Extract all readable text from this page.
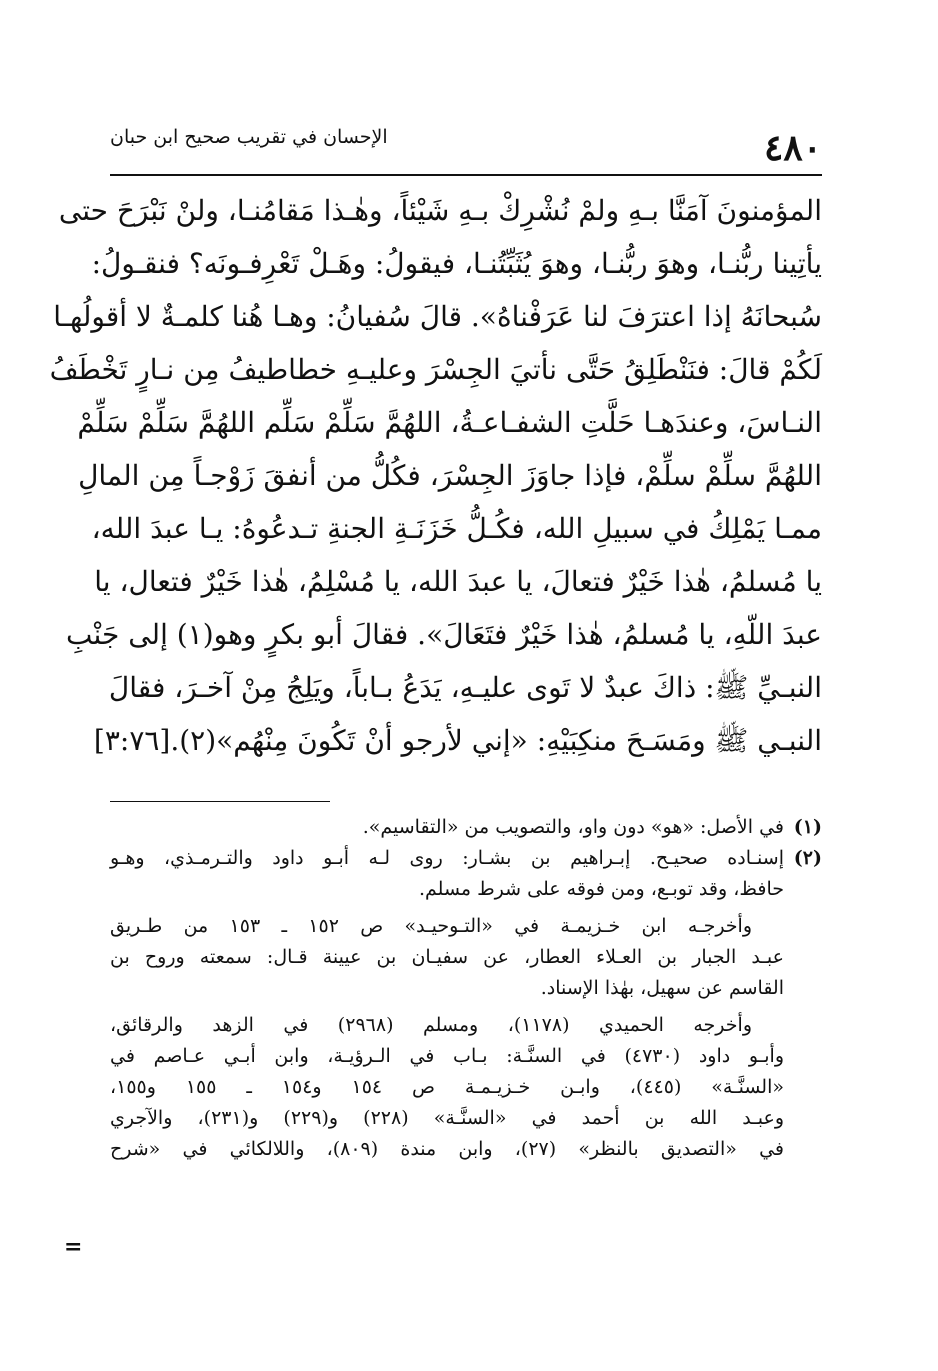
٤٨٠
الإحسان في تقريب صحيح ابن حبان
المؤمنونَ آمَنَّا بـهِ ولمْ نُشْرِكْ بـهِ شَيْئاً، وهٰـذا مَقامُنـا، ولنْ نَبْرَحَ حتى
يأتِينا ربُّنـا، وهوَ ربُّنـا، وهوَ يُثَبِّتُنـا، فيقولُ: وهَـلْ تَعْرِفـونَه؟ فنقـولُ:
سُبحانَهُ إذا اعترَفَ لنا عَرَفْناهُ». قالَ سُفيانُ: وهـا هُنا كلمـةٌ لا أقولُهـا
لَكُمْ قالَ: فنَنْطَلِقُ حَتَّى نأتيَ الجِسْرَ وعليـهِ خطاطيفُ مِن نـارٍ تَخْطَفُ
النـاسَ، وعندَهـا حَلَّتِ الشفـاعـةُ، اللهُمَّ سَلِّمْ سَلِّم اللهُمَّ سَلِّمْ سَلِّمْ
اللهُمَّ سلِّمْ سلِّمْ، فإذا جاوَزَ الجِسْرَ، فكُلُّ من أنفقَ زَوْجـاً مِن المالِ
ممـا يَمْلِكُ في سبيلِ الله، فكُـلُّ خَزَنَـةِ الجنةِ تـدعُوهُ: يـا عبدَ الله،
يا مُسلمُ، هٰذا خَيْرٌ فتعالَ، يا عبدَ الله، يا مُسْلِمُ، هٰذا خَيْرٌ فتعال، يا
عبدَ اللّهِ، يا مُسلمُ، هٰذا خَيْرٌ فتَعَالَ». فقالَ أبو بكرٍ وهو(١) إلى جَنْبِ
النبـيِّ ﷺ: ذاكَ عبدٌ لا تَوى عليـهِ، يَدَعُ بـاباً، ويَلِجُ مِنْ آخـرَ، فقالَ
النبـي ﷺ ومَسَـحَ منكِبَيْهِ: «إني لأرجو أنْ تَكُونَ مِنْهُم»(٢).
[٣:٧٦]
(١)
في الأصل: «هو» دون واو، والتصويب من «التقاسيم».
(٢)
إسنـاده صحيـح. إبـراهيم بن بشـار: روى لـه أبـو داود والتـرمـذي، وهـو
حافظ، وقد توبـع، ومن فوقه على شرط مسلم.
وأخرجـه ابن خـزيمـة في «التـوحيـد» ص ١٥٢ ـ ١٥٣ من طـريق
عبـد الجبار بن العـلاء العطار، عن سفيـان بن عيينة قـال: سمعته وروح بن
القاسم عن سهيل، بهٰذا الإسناد.
وأخرجه الحميدي (١١٧٨)، ومسلم (٢٩٦٨) في الزهد والرقائق،
وأبـو داود (٤٧٣٠) في السنَّـة: بـاب في الـرؤيـة، وابن أبـي عـاصم في
«السنَّـة» (٤٤٥)، وابـن خـزيـمـة ص ١٥٤ و١٥٤ ـ ١٥٥ و١٥٥،
وعبـد الله بن أحمد في «السنَّـة» (٢٢٨) و(٢٢٩) و(٢٣١)، والآجري
في «التصديق بالنظر» (٢٧)، وابن مندة (٨٠٩)، واللالكائي في «شرح
=
